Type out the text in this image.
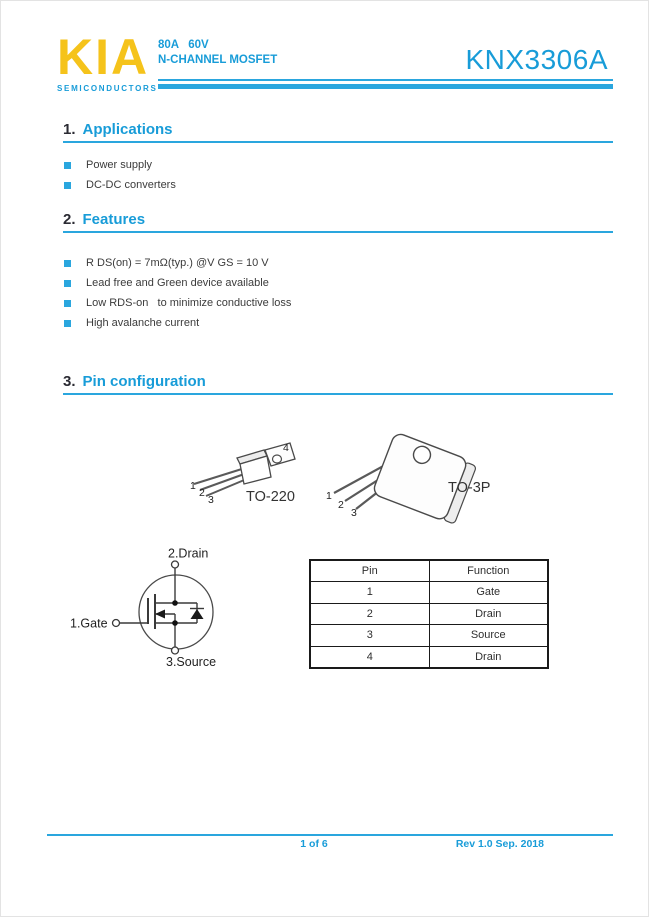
KIA
SEMICONDUCTORS
80A   60V
N-CHANNEL MOSFET	KNX3306A
1. Applications
Power supply
DC-DC converters
2. Features
R DS(on) = 7mΩ(typ.) @V GS = 10 V
Lead free and Green device available
Low RDS-on   to minimize conductive loss
High avalanche current
3. Pin configuration
4
1
2
3 TO-220	1
2
3
TO-3P
2.Drain
1.Gate
3.Source
Pin	Function
1	Gate
2	Drain
3	Source
4	Drain
1 of 6	Rev 1.0 Sep. 2018
